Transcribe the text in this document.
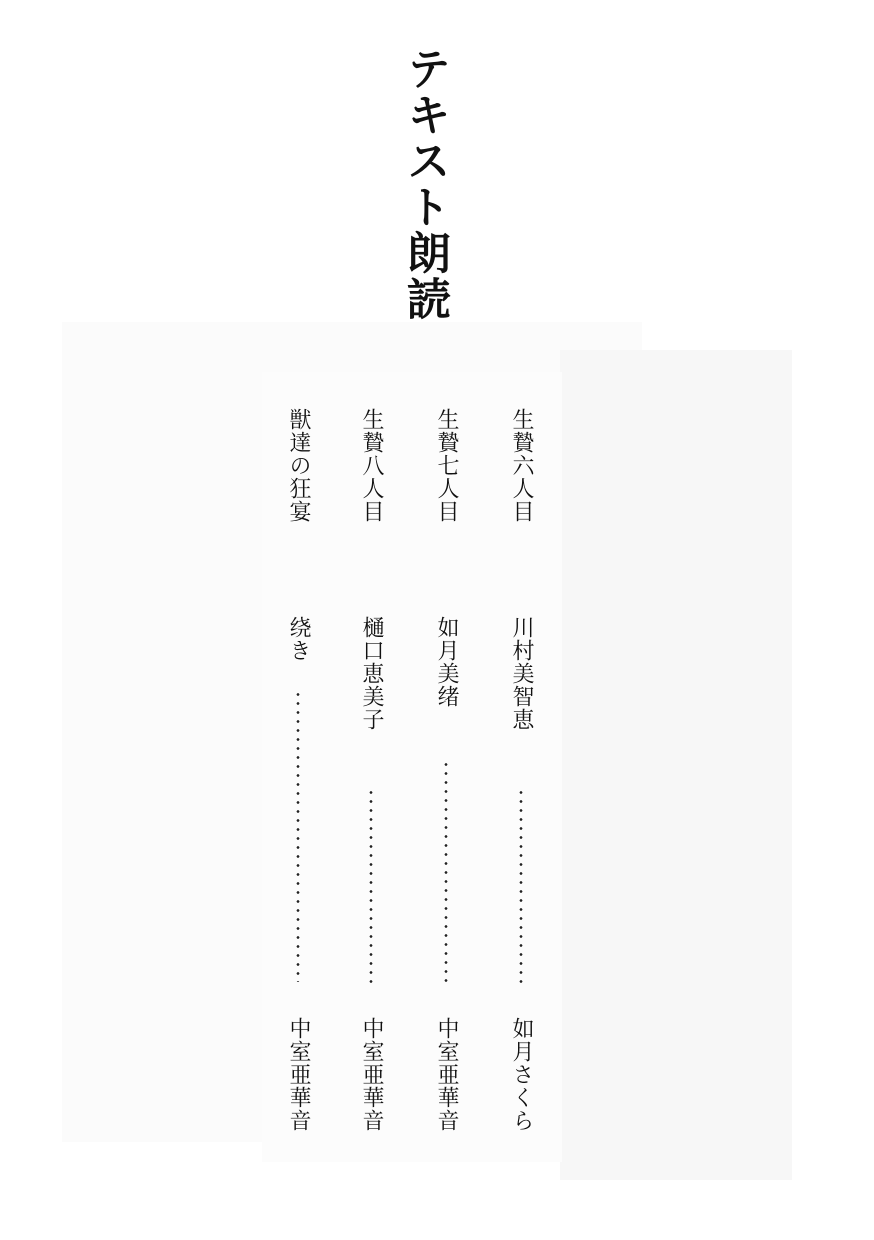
テキスト朗読
生贄六人目
川村美智恵
如月さくら
生贄七人目
如月美绪
中室亜華音
生贄八人目
樋口恵美子
中室亜華音
獣達の狂宴
绕き
中室亜華音
